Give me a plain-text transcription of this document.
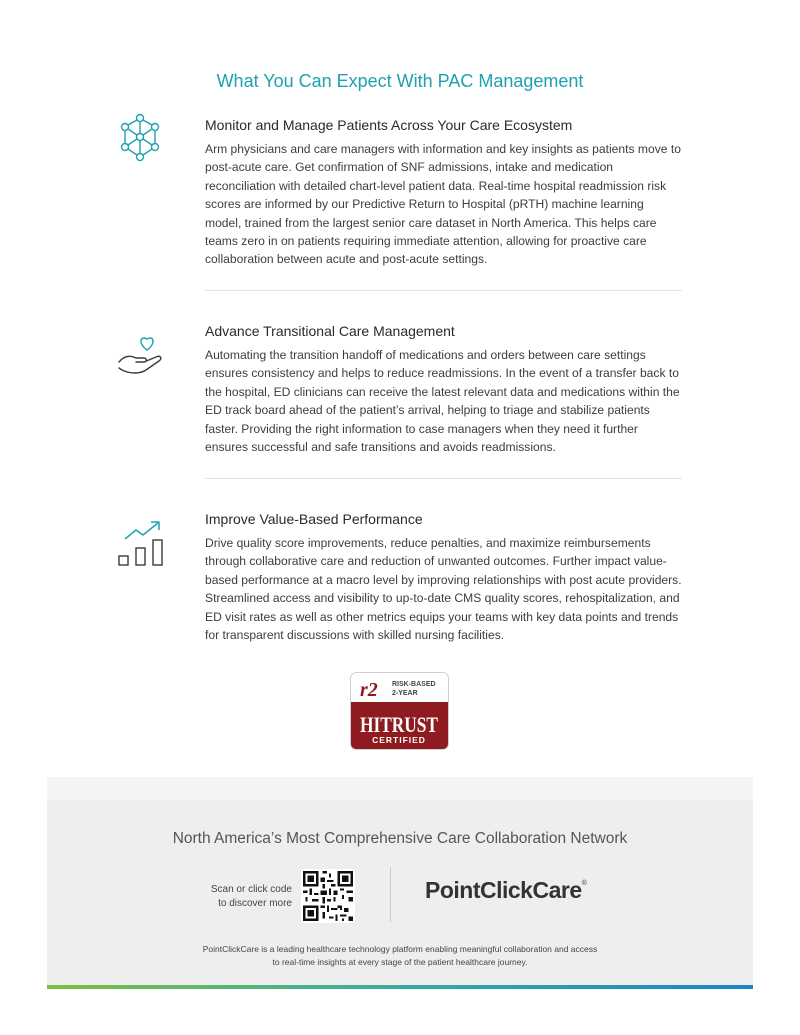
What You Can Expect With PAC Management
Monitor and Manage Patients Across Your Care Ecosystem

Arm physicians and care managers with information and key insights as patients move to post-acute care. Get confirmation of SNF admissions, intake and medication reconciliation with detailed chart-level patient data. Real-time hospital readmission risk scores are informed by our Predictive Return to Hospital (pRTH) machine learning model, trained from the largest senior care dataset in North America. This helps care teams zero in on patients requiring immediate attention, allowing for proactive care collaboration between acute and post-acute settings.

Advance Transitional Care Management

Automating the transition handoff of medications and orders between care settings ensures consistency and helps to reduce readmissions. In the event of a transfer back to the hospital, ED clinicians can receive the latest relevant data and medications within the ED track board ahead of the patient’s arrival, helping to triage and stabilize patients faster. Providing the right information to case managers when they need it further ensures successful and safe transitions and avoids readmissions.

Improve Value-Based Performance

Drive quality score improvements, reduce penalties, and maximize reimbursements through collaborative care and reduction of unwanted outcomes. Further impact value-based performance at a macro level by improving relationships with post acute providers. Streamlined access and visibility to up-to-date CMS quality scores, rehospitalization, and ED visit rates as well as other metrics equips your teams with key data points and trends for transparent discussions with skilled nursing facilities.

r2 RISK-BASED
2-YEAR
HITRUST
CERTIFIED
North America’s Most Comprehensive Care Collaboration Network
Scan or click code
to discover more
PointClickCare®
PointClickCare is a leading healthcare technology platform enabling meaningful collaboration and access
to real-time insights at every stage of the patient healthcare journey.
